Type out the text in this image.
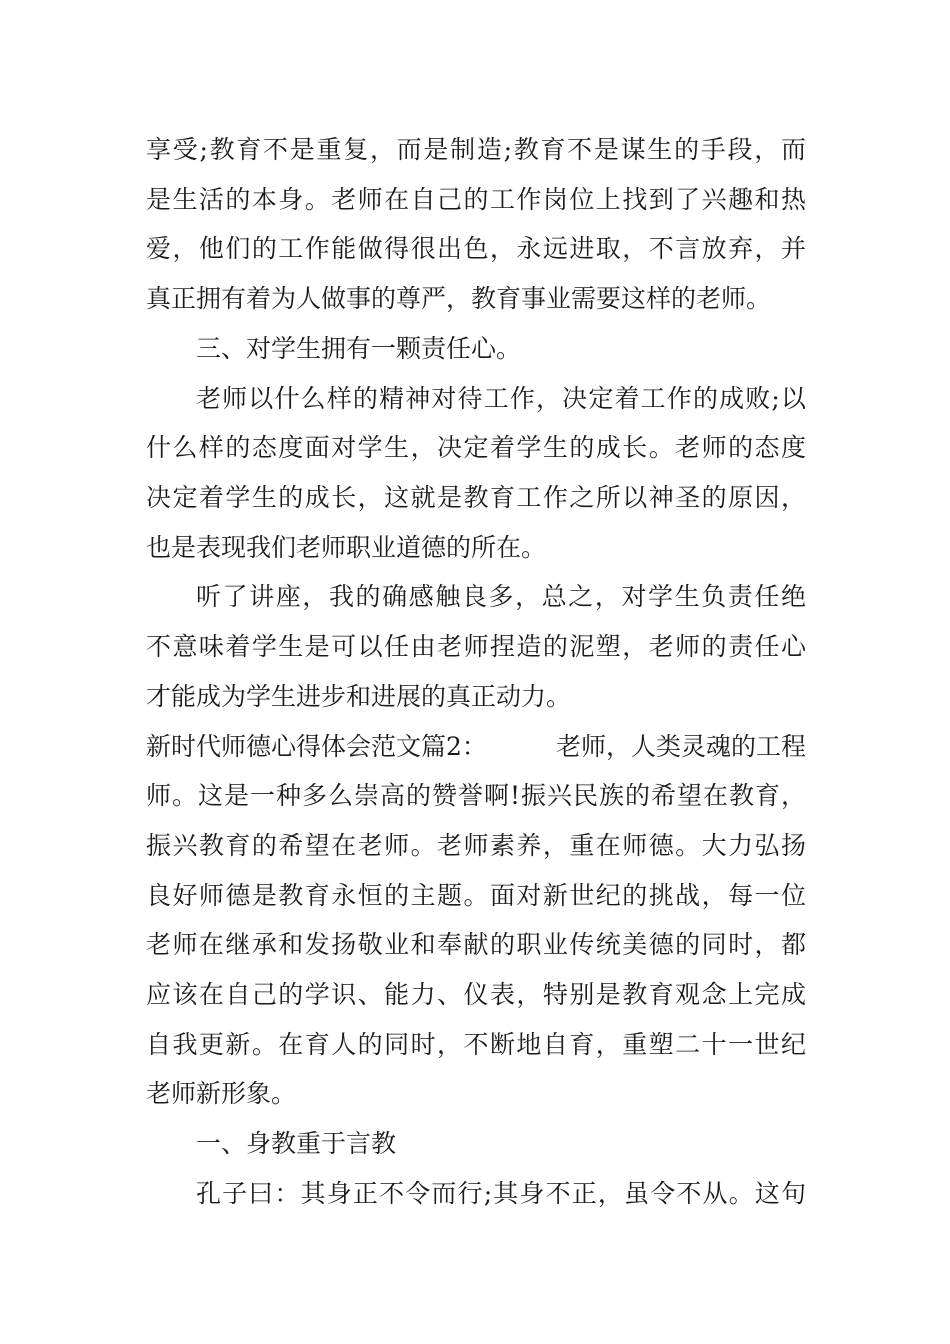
享受;教育不是重复，而是制造;教育不是谋生的手段，而
是生活的本身。老师在自己的工作岗位上找到了兴趣和热
爱，他们的工作能做得很出色，永远进取，不言放弃，并
真正拥有着为人做事的尊严，教育事业需要这样的老师。
三、对学生拥有一颗责任心。
老师以什么样的精神对待工作，决定着工作的成败;以
什么样的态度面对学生，决定着学生的成长。老师的态度
决定着学生的成长，这就是教育工作之所以神圣的原因，
也是表现我们老师职业道德的所在。
听了讲座，我的确感触良多，总之，对学生负责任绝
不意味着学生是可以任由老师捏造的泥塑，老师的责任心
才能成为学生进步和进展的真正动力。
新时代师德心得体会范文篇2：	老师，人类灵魂的工程
师。这是一种多么崇高的赞誉啊!振兴民族的希望在教育，
振兴教育的希望在老师。老师素养，重在师德。大力弘扬
良好师德是教育永恒的主题。面对新世纪的挑战，每一位
老师在继承和发扬敬业和奉献的职业传统美德的同时，都
应该在自己的学识、能力、仪表，特别是教育观念上完成
自我更新。在育人的同时，不断地自育，重塑二十一世纪
老师新形象。
一、身教重于言教
孔子曰：其身正不令而行;其身不正，虽令不从。这句
